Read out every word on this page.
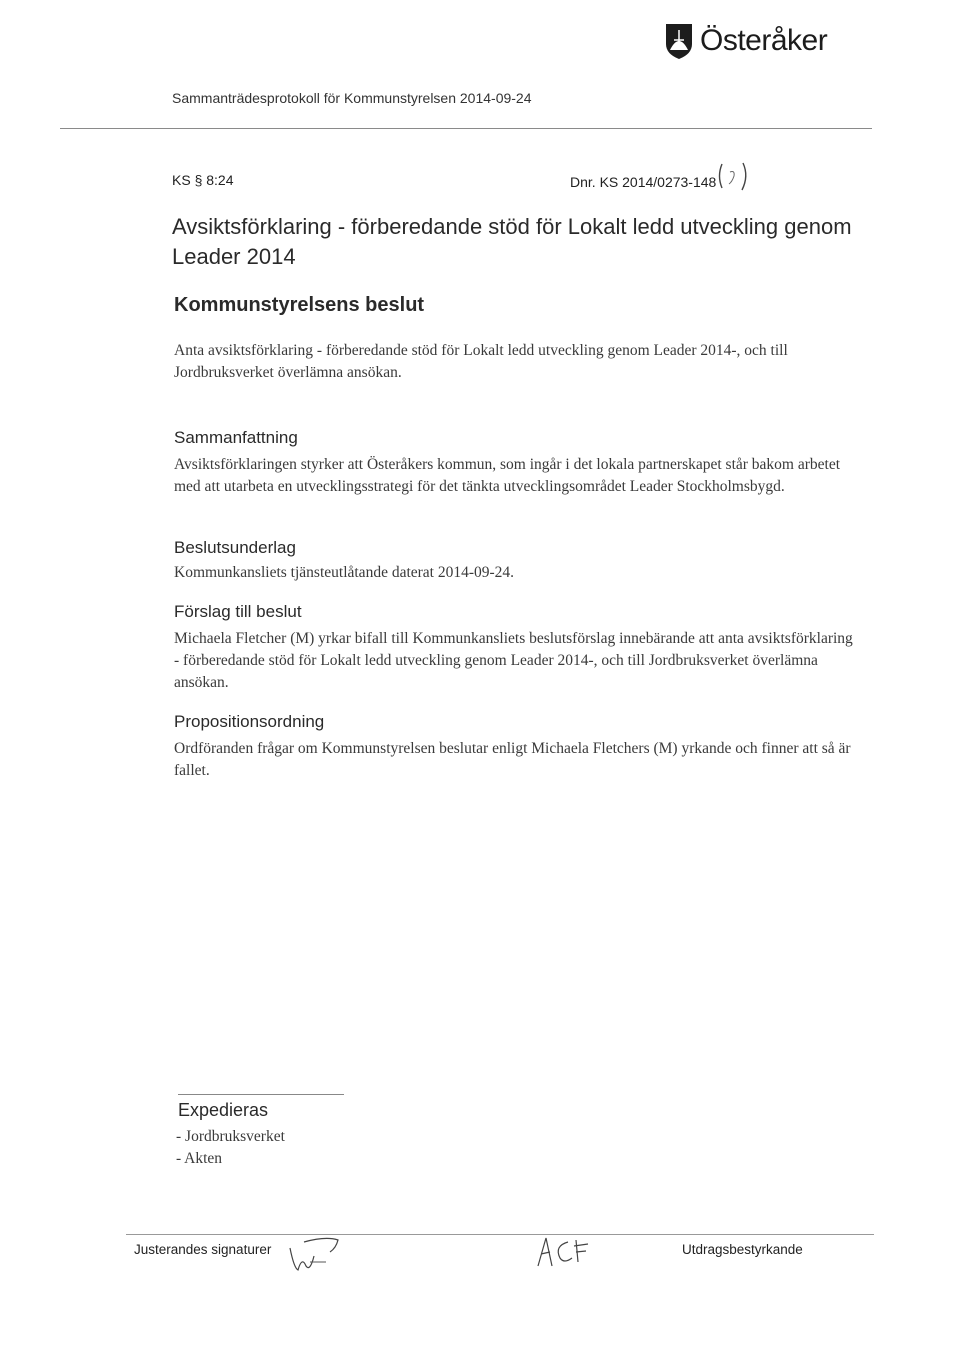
Österåker
Sammanträdesprotokoll för Kommunstyrelsen 2014-09-24
KS § 8:24	Dnr. KS 2014/0273-148
Avsiktsförklaring - förberedande stöd för Lokalt ledd utveckling genom Leader 2014
Kommunstyrelsens beslut
Anta avsiktsförklaring - förberedande stöd för Lokalt ledd utveckling genom Leader 2014-, och till Jordbruksverket överlämna ansökan.
Sammanfattning
Avsiktsförklaringen styrker att Österåkers kommun, som ingår i det lokala partnerskapet står bakom arbetet med att utarbeta en utvecklingsstrategi för det tänkta utvecklingsområdet Leader Stockholmsbygd.
Beslutsunderlag
Kommunkansliets tjänsteutlåtande daterat 2014-09-24.
Förslag till beslut
Michaela Fletcher (M) yrkar bifall till Kommunkansliets beslutsförslag innebärande att anta avsiktsförklaring - förberedande stöd för Lokalt ledd utveckling genom Leader 2014-, och till Jordbruksverket överlämna ansökan.
Propositionsordning
Ordföranden frågar om Kommunstyrelsen beslutar enligt Michaela Fletchers (M) yrkande och finner att så är fallet.
Expedieras
- Jordbruksverket
- Akten
Justerandes signaturer	Utdragsbestyrkande
